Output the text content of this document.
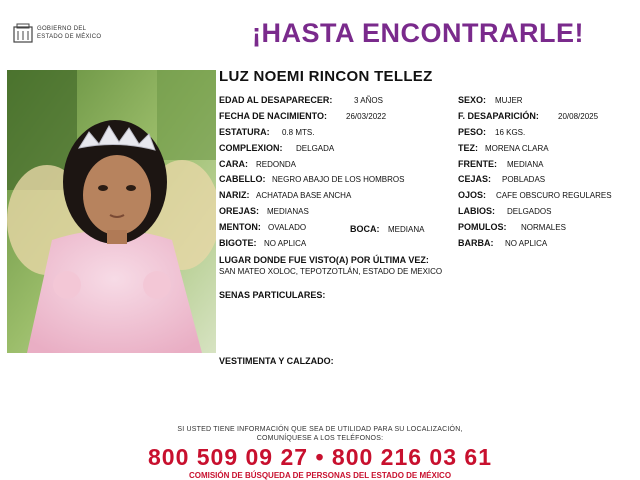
GOBIERNO DEL
ESTADO DE MÉXICO	¡HASTA ENCONTRARLE!
LUZ NOEMI RINCON TELLEZ
EDAD AL DESAPARECER:	3 AÑOS
FECHA DE NACIMIENTO: 26/03/2022
ESTATURA: 0.8 MTS.
COMPLEXION: DELGADA
CARA: REDONDA
CABELLO: NEGRO ABAJO DE LOS HOMBROS
NARIZ: ACHATADA BASE ANCHA
OREJAS: MEDIANAS
MENTON: OVALADO	BOCA: MEDIANA
BIGOTE: NO APLICA
SEXO: MUJER
F. DESAPARICIÓN: 20/08/2025
PESO: 16 KGS.
TEZ: MORENA CLARA
FRENTE: MEDIANA
CEJAS: POBLADAS
OJOS: CAFE OBSCURO REGULARES
LABIOS: DELGADOS
POMULOS: NORMALES
BARBA: NO APLICA
LUGAR DONDE FUE VISTO(A) POR ÚLTIMA VEZ:
SAN MATEO XOLOC, TEPOTZOTLÁN, ESTADO DE MEXICO
SENAS PARTICULARES:
VESTIMENTA Y CALZADO:
SI USTED TIENE INFORMACIÓN QUE SEA DE UTILIDAD PARA SU LOCALIZACIÓN,
COMUNÍQUESE A LOS TELÉFONOS:
800 509 09 27 • 800 216 03 61
COMISIÓN DE BÚSQUEDA DE PERSONAS DEL ESTADO DE MÉXICO
